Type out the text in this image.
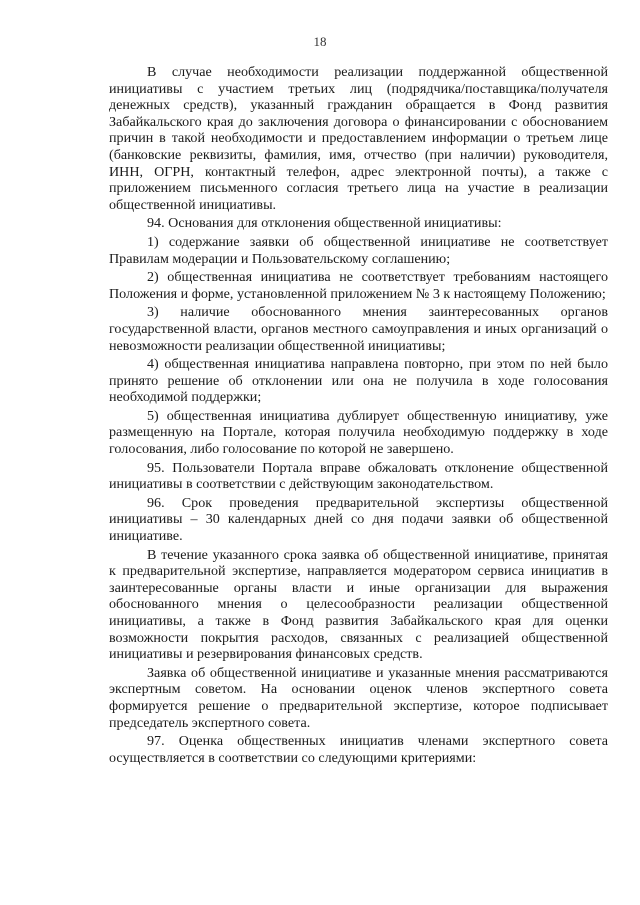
18

В случае необходимости реализации поддержанной общественной инициативы с участием третьих лиц (подрядчика/поставщика/получателя денежных средств), указанный гражданин обращается в Фонд развития Забайкальского края до заключения договора о финансировании с обоснованием причин в такой необходимости и предоставлением информации о третьем лице (банковские реквизиты, фамилия, имя, отчество (при наличии) руководителя, ИНН, ОГРН, контактный телефон, адрес электронной почты), а также с приложением письменного согласия третьего лица на участие в реализации общественной инициативы.

94. Основания для отклонения общественной инициативы:

1) содержание заявки об общественной инициативе не соответствует Правилам модерации и Пользовательскому соглашению;

2) общественная инициатива не соответствует требованиям настоящего Положения и форме, установленной приложением № 3 к настоящему Положению;

3) наличие обоснованного мнения заинтересованных органов государственной власти, органов местного самоуправления и иных организаций о невозможности реализации общественной инициативы;

4) общественная инициатива направлена повторно, при этом по ней было принято решение об отклонении или она не получила в ходе голосования необходимой поддержки;

5) общественная инициатива дублирует общественную инициативу, уже размещенную на Портале, которая получила необходимую поддержку в ходе голосования, либо голосование по которой не завершено.

95. Пользователи Портала вправе обжаловать отклонение общественной инициативы в соответствии с действующим законодательством.

96. Срок проведения предварительной экспертизы общественной инициативы – 30 календарных дней со дня подачи заявки об общественной инициативе.

В течение указанного срока заявка об общественной инициативе, принятая к предварительной экспертизе, направляется модератором сервиса инициатив в заинтересованные органы власти и иные организации для выражения обоснованного мнения о целесообразности реализации общественной инициативы, а также в Фонд развития Забайкальского края для оценки возможности покрытия расходов, связанных с реализацией общественной инициативы и резервирования финансовых средств.

Заявка об общественной инициативе и указанные мнения рассматриваются экспертным советом. На основании оценок членов экспертного совета формируется решение о предварительной экспертизе, которое подписывает председатель экспертного совета.

97. Оценка общественных инициатив членами экспертного совета осуществляется в соответствии со следующими критериями:
